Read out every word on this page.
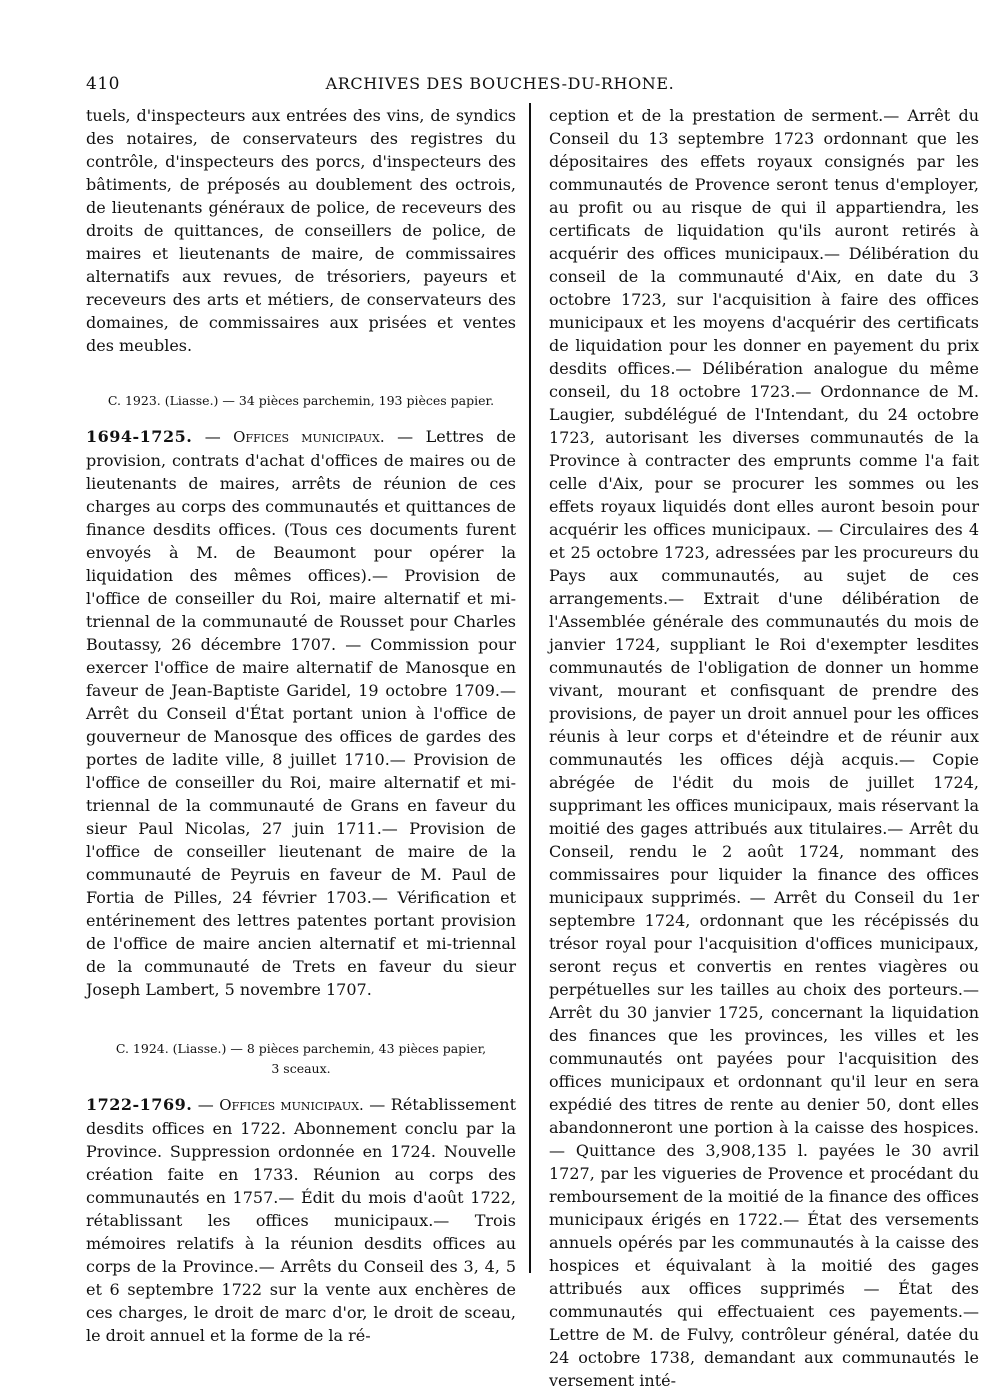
410	ARCHIVES DES BOUCHES-DU-RHONE.

tuels, d'inspecteurs aux entrées des vins, de syndics des notaires, de conservateurs des registres du contrôle, d'inspecteurs des porcs, d'inspecteurs des bâtiments, de préposés au doublement des octrois, de lieutenants généraux de police, de receveurs des droits de quittances, de conseillers de police, de maires et lieutenants de maire, de commissaires alternatifs aux revues, de trésoriers, payeurs et receveurs des arts et métiers, de conservateurs des domaines, de commissaires aux prisées et ventes des meubles.

C. 1923. (Liasse.) — 34 pièces parchemin, 193 pièces papier.

1694-1725. — Offices municipaux. — Lettres de provision, contrats d'achat d'offices de maires ou de lieutenants de maires, arrêts de réunion de ces charges au corps des communautés et quittances de finance desdits offices. (Tous ces documents furent envoyés à M. de Beaumont pour opérer la liquidation des mêmes offices).— Provision de l'office de conseiller du Roi, maire alternatif et mi-triennal de la communauté de Rousset pour Charles Boutassy, 26 décembre 1707. — Commission pour exercer l'office de maire alternatif de Manosque en faveur de Jean-Baptiste Garidel, 19 octobre 1709.— Arrêt du Conseil d'État portant union à l'office de gouverneur de Manosque des offices de gardes des portes de ladite ville, 8 juillet 1710.— Provision de l'office de conseiller du Roi, maire alternatif et mi-triennal de la communauté de Grans en faveur du sieur Paul Nicolas, 27 juin 1711.— Provision de l'office de conseiller lieutenant de maire de la communauté de Peyruis en faveur de M. Paul de Fortia de Pilles, 24 février 1703.— Vérification et entérinement des lettres patentes portant provision de l'office de maire ancien alternatif et mi-triennal de la communauté de Trets en faveur du sieur Joseph Lambert, 5 novembre 1707.

C. 1924. (Liasse.) — 8 pièces parchemin, 43 pièces papier,
3 sceaux.

1722-1769. — Offices municipaux. — Rétablissement desdits offices en 1722. Abonnement conclu par la Province. Suppression ordonnée en 1724. Nouvelle création faite en 1733. Réunion au corps des communautés en 1757.— Édit du mois d'août 1722, rétablissant les offices municipaux.— Trois mémoires relatifs à la réunion desdits offices au corps de la Province.— Arrêts du Conseil des 3, 4, 5 et 6 septembre 1722 sur la vente aux enchères de ces charges, le droit de marc d'or, le droit de sceau, le droit annuel et la forme de la ré-

ception et de la prestation de serment.— Arrêt du Conseil du 13 septembre 1723 ordonnant que les dépositaires des effets royaux consignés par les communautés de Provence seront tenus d'employer, au profit ou au risque de qui il appartiendra, les certificats de liquidation qu'ils auront retirés à acquérir des offices municipaux.— Délibération du conseil de la communauté d'Aix, en date du 3 octobre 1723, sur l'acquisition à faire des offices municipaux et les moyens d'acquérir des certificats de liquidation pour les donner en payement du prix desdits offices.— Délibération analogue du même conseil, du 18 octobre 1723.— Ordonnance de M. Laugier, subdélégué de l'Intendant, du 24 octobre 1723, autorisant les diverses communautés de la Province à contracter des emprunts comme l'a fait celle d'Aix, pour se procurer les sommes ou les effets royaux liquidés dont elles auront besoin pour acquérir les offices municipaux. — Circulaires des 4 et 25 octobre 1723, adressées par les procureurs du Pays aux communautés, au sujet de ces arrangements.— Extrait d'une délibération de l'Assemblée générale des communautés du mois de janvier 1724, suppliant le Roi d'exempter lesdites communautés de l'obligation de donner un homme vivant, mourant et confisquant de prendre des provisions, de payer un droit annuel pour les offices réunis à leur corps et d'éteindre et de réunir aux communautés les offices déjà acquis.— Copie abrégée de l'édit du mois de juillet 1724, supprimant les offices municipaux, mais réservant la moitié des gages attribués aux titulaires.— Arrêt du Conseil, rendu le 2 août 1724, nommant des commissaires pour liquider la finance des offices municipaux supprimés. — Arrêt du Conseil du 1er septembre 1724, ordonnant que les récépissés du trésor royal pour l'acquisition d'offices municipaux, seront reçus et convertis en rentes viagères ou perpétuelles sur les tailles au choix des porteurs.— Arrêt du 30 janvier 1725, concernant la liquidation des finances que les provinces, les villes et les communautés ont payées pour l'acquisition des offices municipaux et ordonnant qu'il leur en sera expédié des titres de rente au denier 50, dont elles abandonneront une portion à la caisse des hospices. — Quittance des 3,908,135 l. payées le 30 avril 1727, par les vigueries de Provence et procédant du remboursement de la moitié de la finance des offices municipaux érigés en 1722.— État des versements annuels opérés par les communautés à la caisse des hospices et équivalant à la moitié des gages attribués aux offices supprimés — État des communautés qui effectuaient ces payements.— Lettre de M. de Fulvy, contrôleur général, datée du 24 octobre 1738, demandant aux communautés le versement inté-
